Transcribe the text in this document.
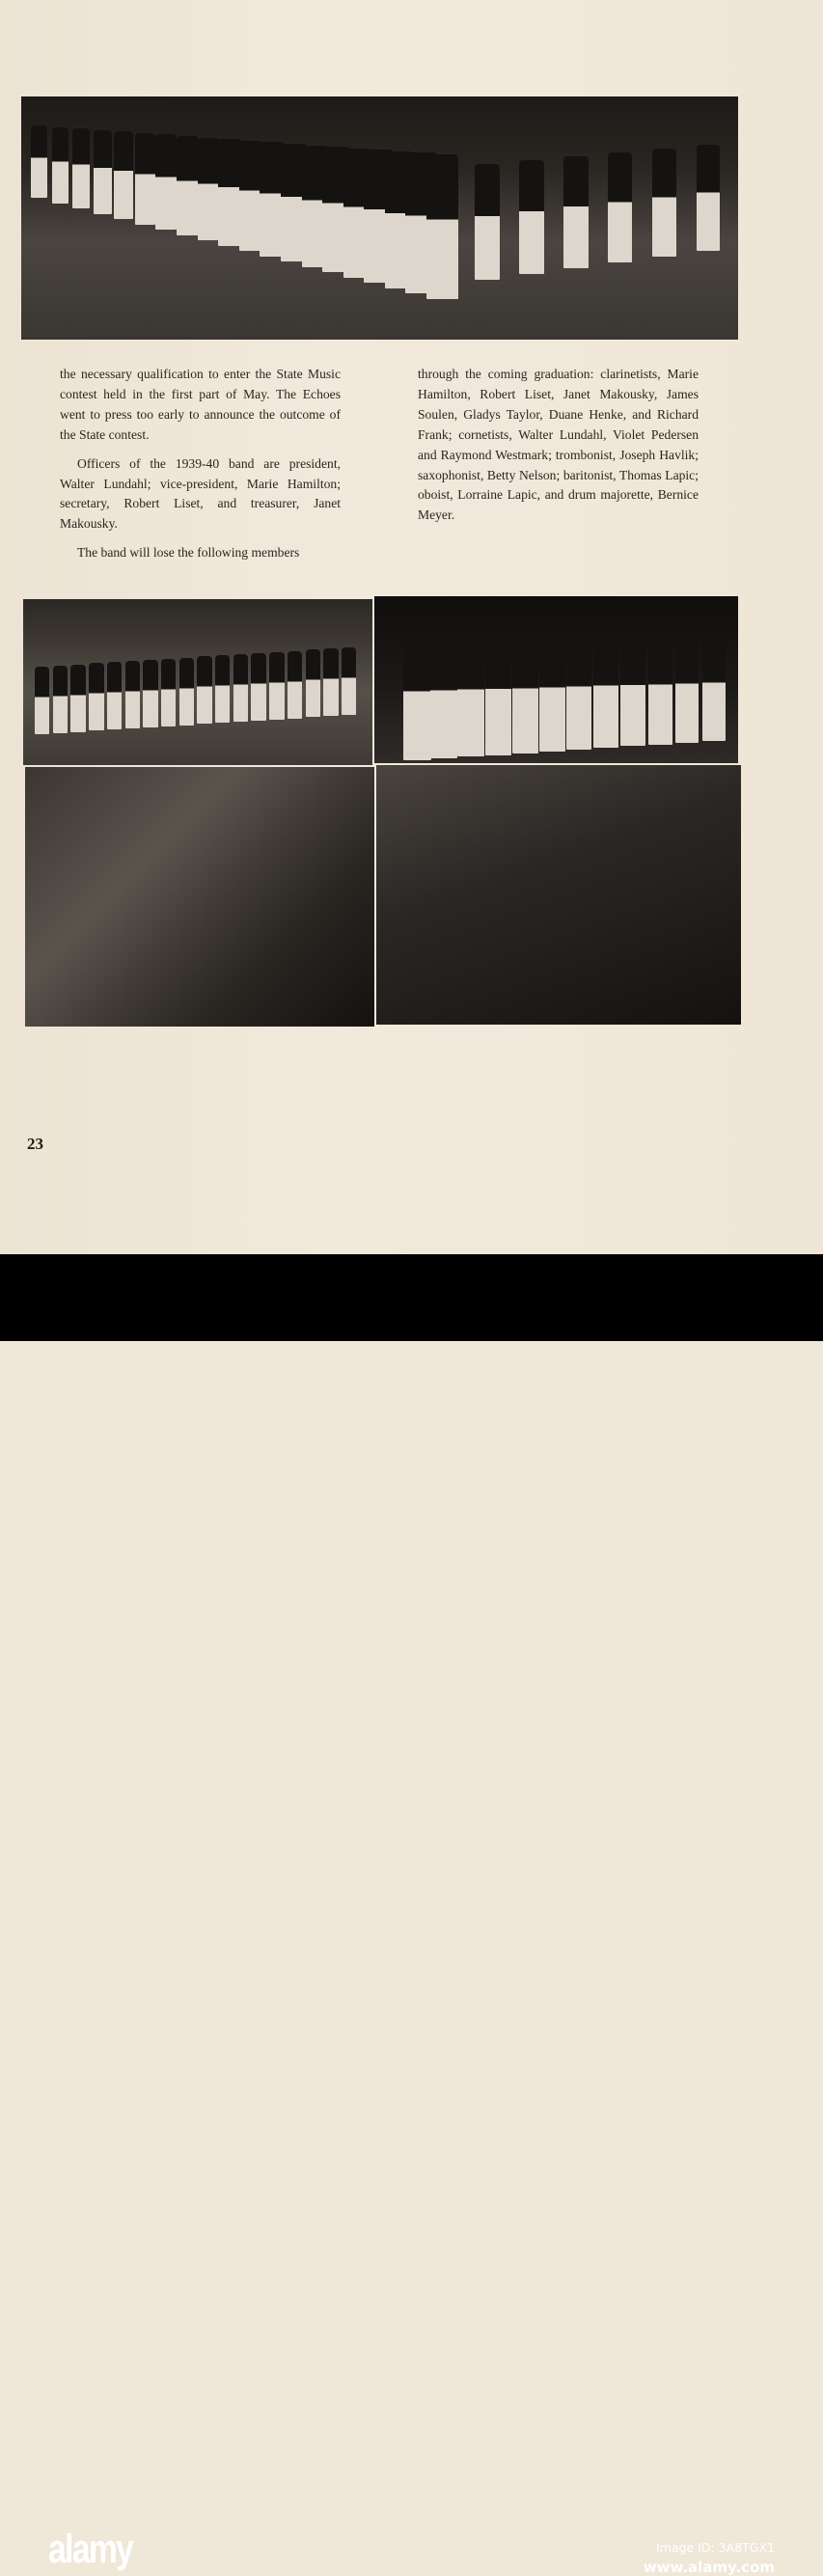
the necessary qualification to enter the State Music contest held in the first part of May. The Echoes went to press too early to announce the outcome of the State contest.

Officers of the 1939-40 band are president, Walter Lundahl; vice-president, Marie Hamilton; secretary, Robert Liset, and treasurer, Janet Makousky.

The band will lose the following members

through the coming graduation: clarinetists, Marie Hamilton, Robert Liset, Janet Makousky, James Soulen, Gladys Taylor, Duane Henke, and Richard Frank; cornetists, Walter Lundahl, Violet Pedersen and Raymond Westmark; trombonist, Joseph Havlik; saxophonist, Betty Nelson; baritonist, Thomas Lapic; oboist, Lorraine Lapic, and drum majorette, Bernice Meyer.

23
alamy	Image ID: 3A8TGX1
www.alamy.com
